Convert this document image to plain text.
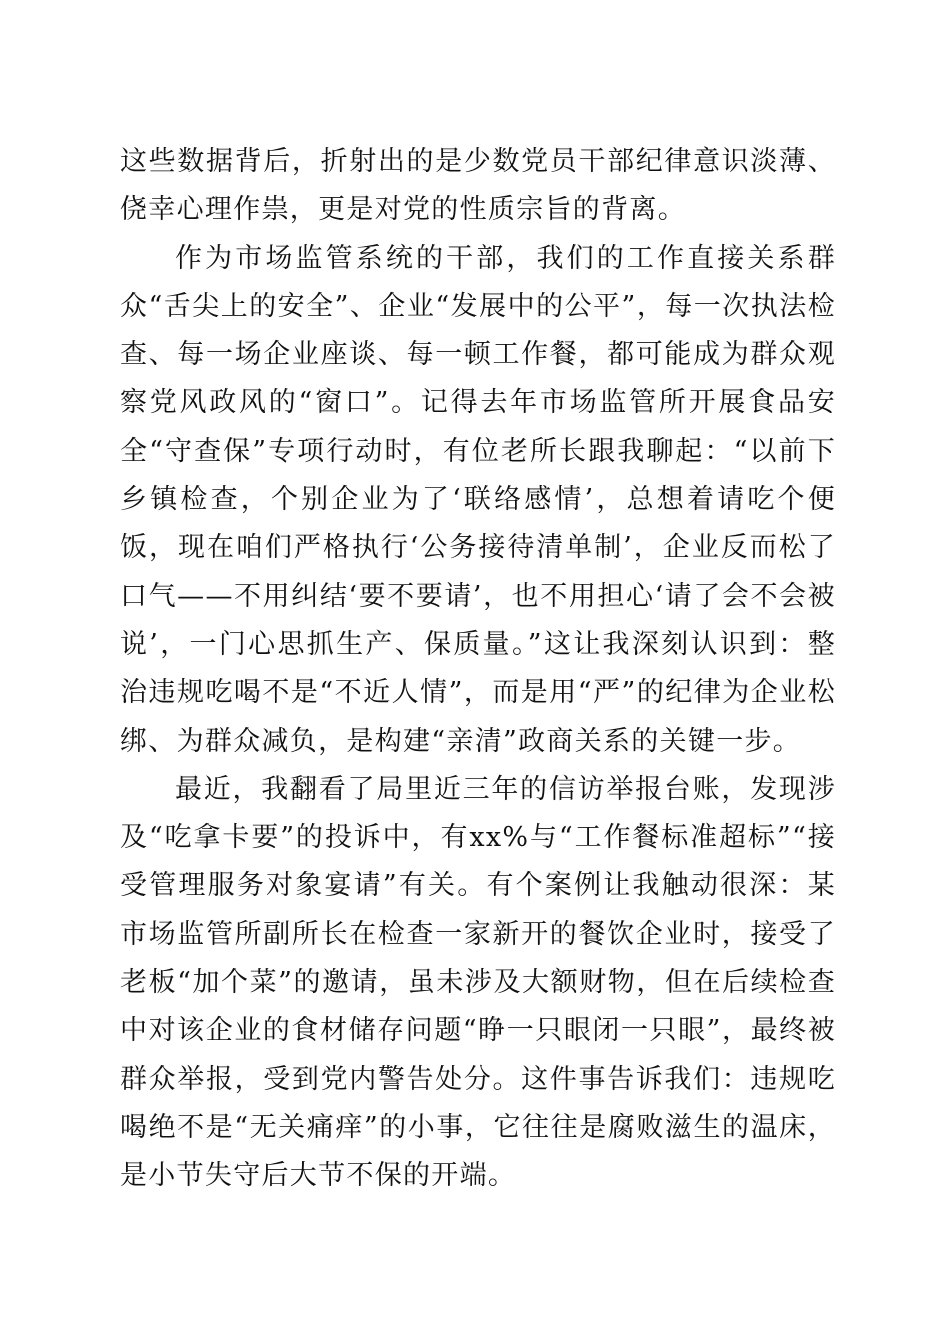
这些数据背后，折射出的是少数党员干部纪律意识淡薄、侥幸心理作祟，更是对党的性质宗旨的背离。

作为市场监管系统的干部，我们的工作直接关系群众“舌尖上的安全”、企业“发展中的公平”，每一次执法检查、每一场企业座谈、每一顿工作餐，都可能成为群众观察党风政风的“窗口”。记得去年市场监管所开展食品安全“守查保”专项行动时，有位老所长跟我聊起：“以前下乡镇检查，个别企业为了‘联络感情’，总想着请吃个便饭，现在咱们严格执行‘公务接待清单制’，企业反而松了口气——不用纠结‘要不要请’，也不用担心‘请了会不会被说’，一门心思抓生产、保质量。”这让我深刻认识到：整治违规吃喝不是“不近人情”，而是用“严”的纪律为企业松绑、为群众减负，是构建“亲清”政商关系的关键一步。

最近，我翻看了局里近三年的信访举报台账，发现涉及“吃拿卡要”的投诉中，有xx%与“工作餐标准超标”“接受管理服务对象宴请”有关。有个案例让我触动很深：某市场监管所副所长在检查一家新开的餐饮企业时，接受了老板“加个菜”的邀请，虽未涉及大额财物，但在后续检查中对该企业的食材储存问题“睁一只眼闭一只眼”，最终被群众举报，受到党内警告处分。这件事告诉我们：违规吃喝绝不是“无关痛痒”的小事，它往往是腐败滋生的温床，是小节失守后大节不保的开端。
